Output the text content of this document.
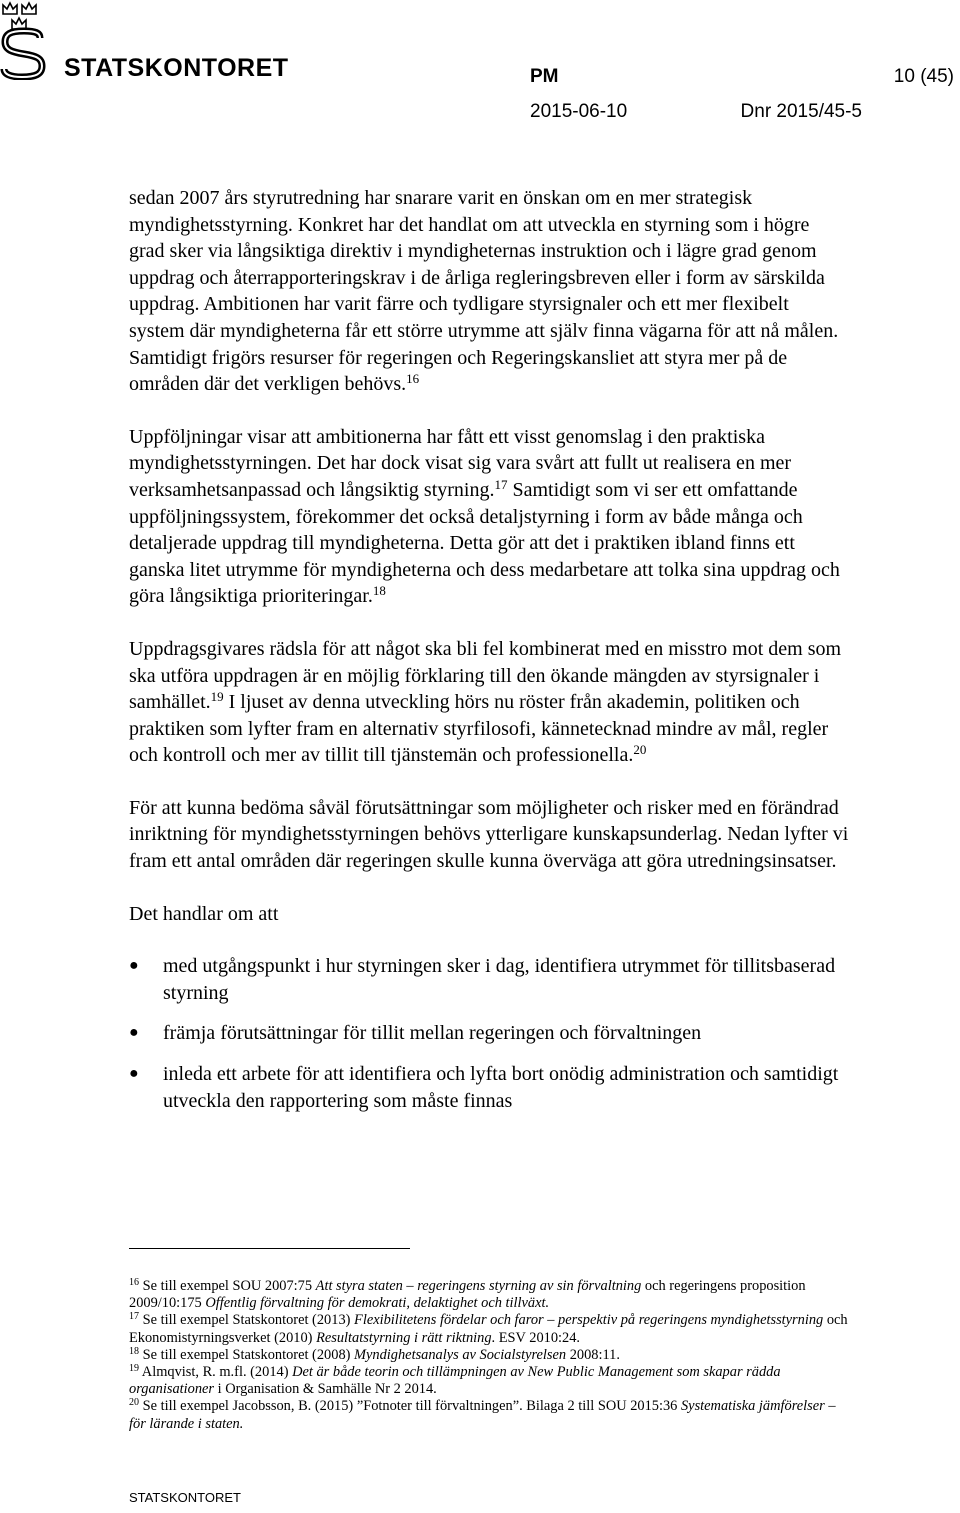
STATSKONTORET	PM	10 (45)
2015-06-10	Dnr 2015/45-5

sedan 2007 års styrutredning har snarare varit en önskan om en mer strategisk myndighetsstyrning. Konkret har det handlat om att utveckla en styrning som i högre grad sker via långsiktiga direktiv i myndigheternas instruktion och i lägre grad genom uppdrag och återrapporteringskrav i de årliga regleringsbreven eller i form av särskilda uppdrag. Ambitionen har varit färre och tydligare styrsignaler och ett mer flexibelt system där myndigheterna får ett större utrymme att själv finna vägarna för att nå målen. Samtidigt frigörs resurser för regeringen och Regeringskansliet att styra mer på de områden där det verkligen behövs.$^{16}$

Uppföljningar visar att ambitionerna har fått ett visst genomslag i den praktiska myndighetsstyrningen. Det har dock visat sig vara svårt att fullt ut realisera en mer verksamhetsanpassad och långsiktig styrning.$^{17}$ Samtidigt som vi ser ett omfattande uppföljningssystem, förekommer det också detaljstyrning i form av både många och detaljerade uppdrag till myndigheterna. Detta gör att det i praktiken ibland finns ett ganska litet utrymme för myndigheterna och dess medarbetare att tolka sina uppdrag och göra långsiktiga prioriteringar.$^{18}$

Uppdragsgivares rädsla för att något ska bli fel kombinerat med en misstro mot dem som ska utföra uppdragen är en möjlig förklaring till den ökande mängden av styrsignaler i samhället.$^{19}$ I ljuset av denna utveckling hörs nu röster från akademin, politiken och praktiken som lyfter fram en alternativ styrfilosofi, kännetecknad mindre av mål, regler och kontroll och mer av tillit till tjänstemän och professionella.$^{20}$

För att kunna bedöma såväl förutsättningar som möjligheter och risker med en förändrad inriktning för myndighetsstyrningen behövs ytterligare kunskapsunderlag. Nedan lyfter vi fram ett antal områden där regeringen skulle kunna överväga att göra utredningsinsatser.

Det handlar om att

● med utgångspunkt i hur styrningen sker i dag, identifiera utrymmet för tillitsbaserad styrning
● främja förutsättningar för tillit mellan regeringen och förvaltningen
● inleda ett arbete för att identifiera och lyfta bort onödig administration och samtidigt utveckla den rapportering som måste finnas

$^{16}$ Se till exempel SOU 2007:75 Att styra staten – regeringens styrning av sin förvaltning och regeringens proposition 2009/10:175 Offentlig förvaltning för demokrati, delaktighet och tillväxt.

$^{17}$ Se till exempel Statskontoret (2013) Flexibilitetens fördelar och faror – perspektiv på regeringens myndighetsstyrning och Ekonomistyrningsverket (2010) Resultatstyrning i rätt riktning. ESV 2010:24.

$^{18}$ Se till exempel Statskontoret (2008) Myndighetsanalys av Socialstyrelsen 2008:11.

$^{19}$ Almqvist, R. m.fl. (2014) Det är både teorin och tillämpningen av New Public Management som skapar rädda organisationer i Organisation & Samhälle Nr 2 2014.

$^{20}$ Se till exempel Jacobsson, B. (2015) ”Fotnoter till förvaltningen”. Bilaga 2 till SOU 2015:36 Systematiska jämförelser – för lärande i staten.

STATSKONTORET
